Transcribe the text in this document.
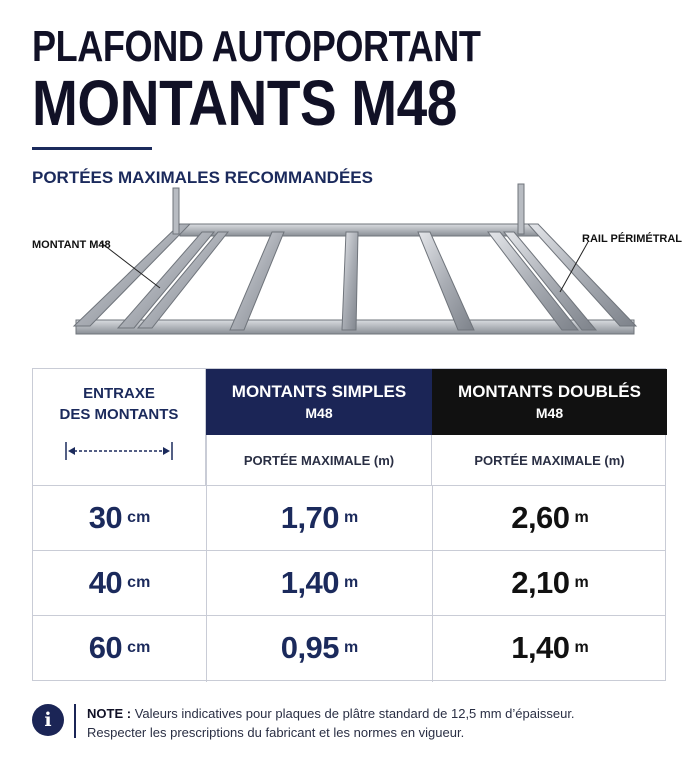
PLAFOND AUTOPORTANT
MONTANTS M48
PORTÉES MAXIMALES RECOMMANDÉES
MONTANT M48	RAIL PÉRIMÉTRAL
ENTRAXE
DES MONTANTS
MONTANTS SIMPLES
M48
MONTANTS DOUBLÉS
M48
PORTÉE MAXIMALE (m)	PORTÉE MAXIMALE (m)
30 cm	1,70 m	2,60 m
40 cm	1,40 m	2,10 m
60 cm	0,95 m	1,40 m
i	NOTE : Valeurs indicatives pour plaques de plâtre standard de 12,5 mm d’épaisseur.
Respecter les prescriptions du fabricant et les normes en vigueur.
